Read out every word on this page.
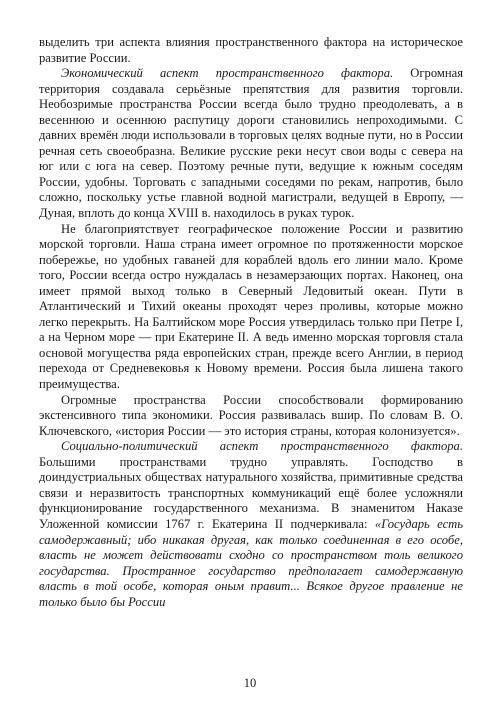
выделить три аспекта влияния пространственного фактора на историческое развитие России.

Экономический аспект пространственного фактора. Огромная территория создавала серьёзные препятствия для развития торговли. Необозримые пространства России всегда было трудно преодолевать, а в весеннюю и осеннюю распутицу дороги становились непроходимыми. С давних времён люди использовали в торговых целях водные пути, но в России речная сеть своеобразна. Великие русские реки несут свои воды с севера на юг или с юга на север. Поэтому речные пути, ведущие к южным соседям России, удобны. Торговать с западными соседями по рекам, напротив, было сложно, поскольку устье главной водной магистрали, ведущей в Европу, — Дуная, вплоть до конца XVIII в. находилось в руках турок.

Не благоприятствует географическое положение России и развитию морской торговли. Наша страна имеет огромное по протяженности морское побережье, но удобных гаваней для кораблей вдоль его линии мало. Кроме того, России всегда остро нуждалась в незамерзающих портах. Наконец, она имеет прямой выход только в Северный Ледовитый океан. Пути в Атлантический и Тихий океаны проходят через проливы, которые можно легко перекрыть. На Балтийском море Россия утвердилась только при Петре I, а на Черном море — при Екатерине II. А ведь именно морская торговля стала основой могущества ряда европейских стран, прежде всего Англии, в период перехода от Средневековья к Новому времени. Россия была лишена такого преимущества.

Огромные пространства России способствовали формированию экстенсивного типа экономики. Россия развивалась вшир. По словам В. О. Ключевского, «история России — это история страны, которая колонизуется».

Социально-политический аспект пространственного фактора. Большими пространствами трудно управлять. Господство в доиндустриальных обществах натурального хозяйства, примитивные средства связи и неразвитость транспортных коммуникаций ещё более усложняли функционирование государственного механизма. В знаменитом Наказе Уложенной комиссии 1767 г. Екатерина II подчеркивала: «Государь есть самодержавный; ибо никакая другая, как только соединенная в его особе, власть не может действовати сходно со пространством толь великого государства. Пространное государство предполагает самодержавную власть в той особе, которая оным правит... Всякое другое правление не только было бы России

10
